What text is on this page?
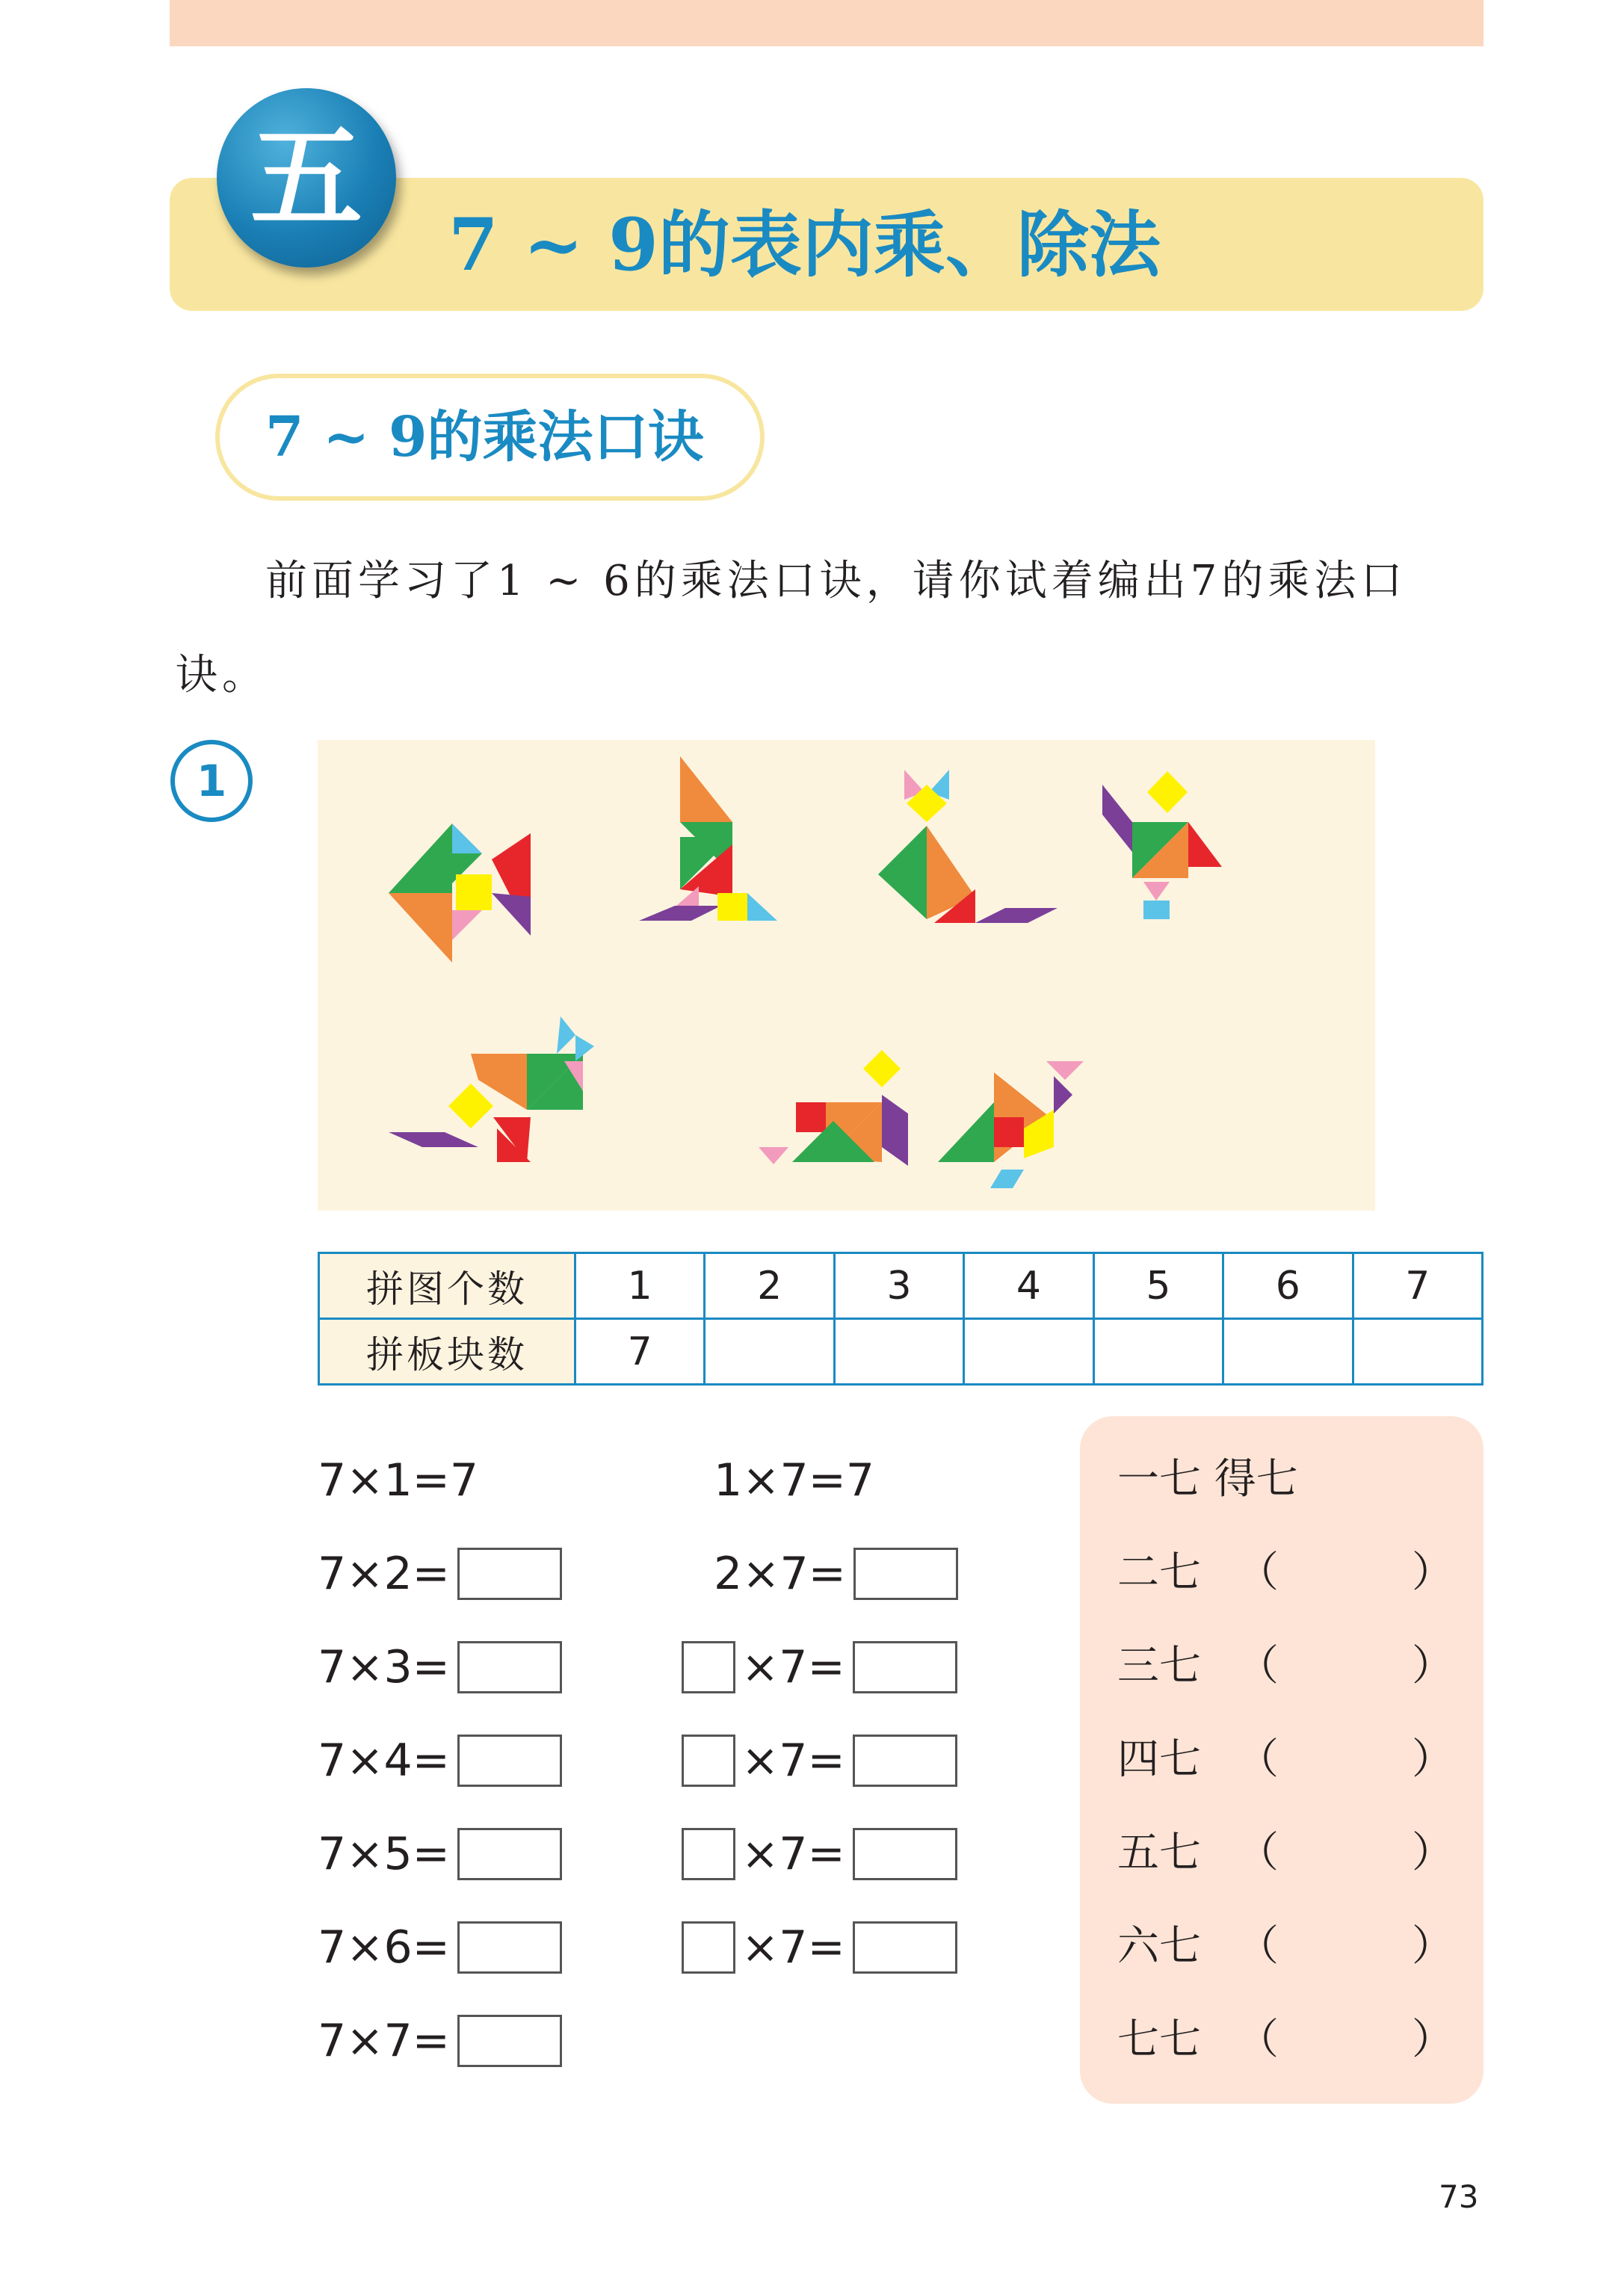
五
7 ~ 9的表内乘、除法
7 ~ 9的乘法口诀
前面学习了1 ~ 6的乘法口诀，请你试着编出7的乘法口诀。
1
拼图个数	1	2	3	4	5	6	7
拼板块数	7						
7×1=7
7×2=
7×3=
7×4=
7×5=
7×6=
7×7=
1×7=7
2×7=
×7=
×7=
×7=
×7=
一七 得七
二七 （	）
三七 （	）
四七 （	）
五七 （	）
六七 （	）
七七 （	）
73
